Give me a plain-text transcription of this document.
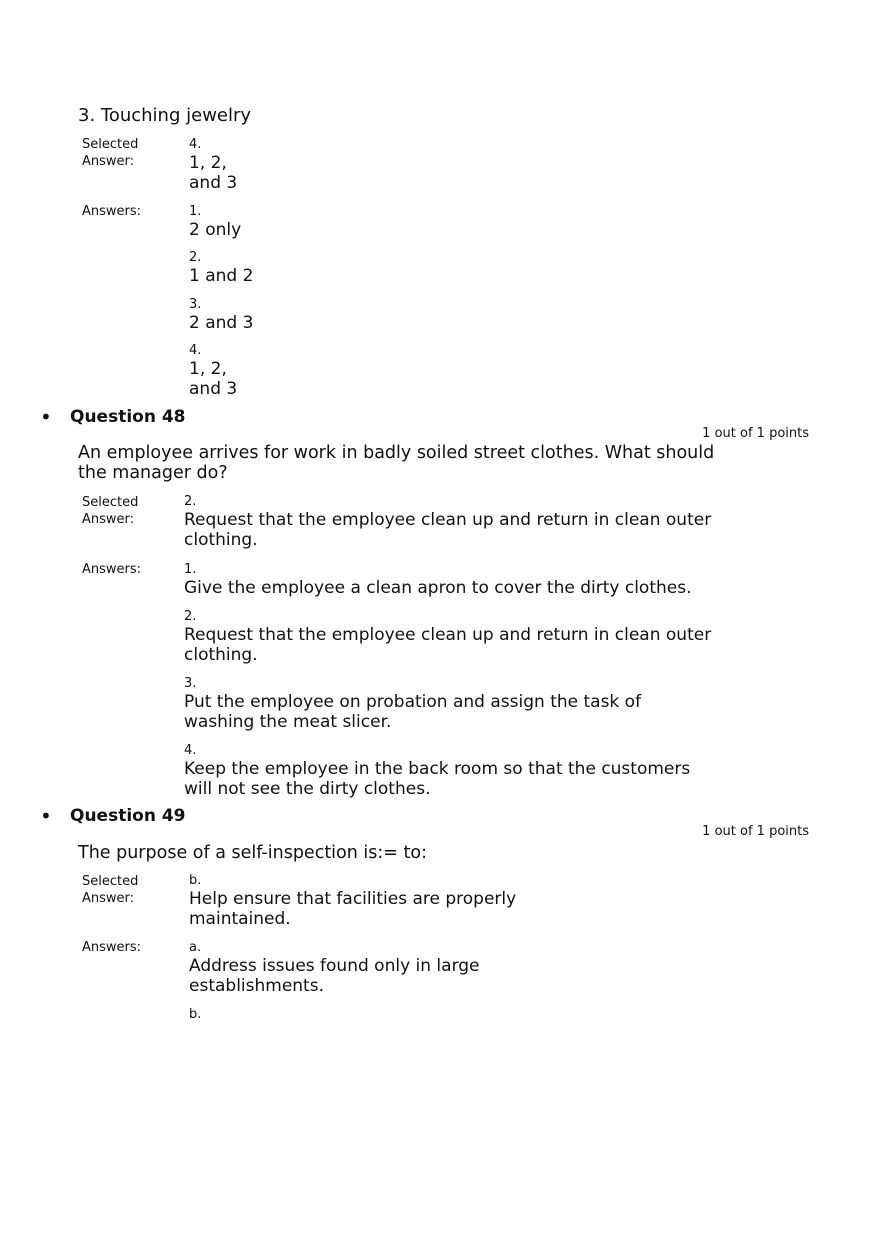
3. Touching jewelry
Selected
Answer:
4.
1, 2,
and 3
Answers:	1.
2 only
2.
1 and 2
3.
2 and 3
4.
1, 2,
and 3
• Question 48
1 out of 1 points
An employee arrives for work in badly soiled street clothes. What should
the manager do?
Selected
Answer:
2.
Request that the employee clean up and return in clean outer
clothing.
Answers:	1.
Give the employee a clean apron to cover the dirty clothes.
2.
Request that the employee clean up and return in clean outer
clothing.
3.
Put the employee on probation and assign the task of
washing the meat slicer.
4.
Keep the employee in the back room so that the customers
will not see the dirty clothes.
• Question 49
1 out of 1 points
The purpose of a self-inspection is:= to:
Selected
Answer:
b.
Help ensure that facilities are properly
maintained.
Answers:	a.
Address issues found only in large
establishments.
b.
